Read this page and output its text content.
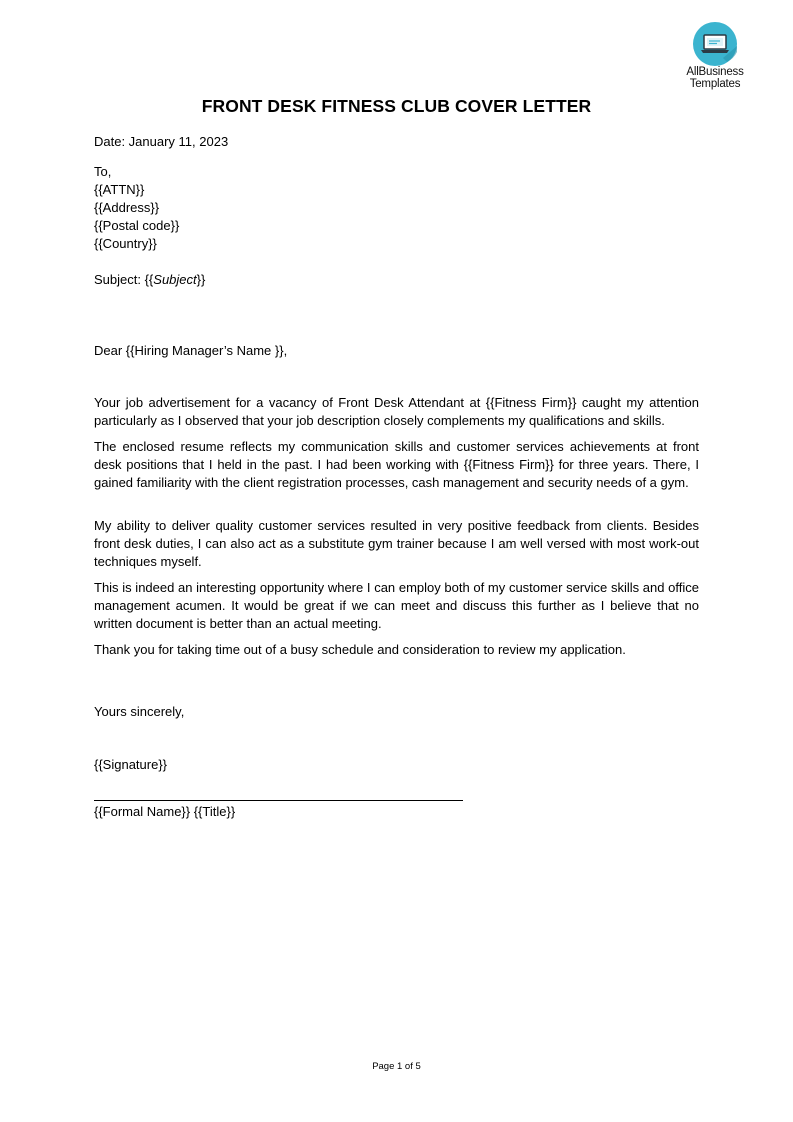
AllBusiness
Templates
FRONT DESK FITNESS CLUB COVER LETTER
Date: January 11, 2023
To,
{{ATTN}}
{{Address}}
{{Postal code}}
{{Country}}
Subject: {{Subject}}
Dear {{Hiring Manager’s Name }},

Your job advertisement for a vacancy of Front Desk Attendant at {{Fitness Firm}} caught my attention particularly as I observed that your job description closely complements my qualifications and skills.

The enclosed resume reflects my communication skills and customer services achievements at front desk positions that I held in the past. I had been working with {{Fitness Firm}} for three years. There, I gained familiarity with the client registration processes, cash management and security needs of a gym.

My ability to deliver quality customer services resulted in very positive feedback from clients. Besides front desk duties, I can also act as a substitute gym trainer because I am well versed with most work-out techniques myself.

This is indeed an interesting opportunity where I can employ both of my customer service skills and office management acumen. It would be great if we can meet and discuss this further as I believe that no written document is better than an actual meeting.

Thank you for taking time out of a busy schedule and consideration to review my application.

Yours sincerely,
{{Signature}}
{{Formal Name}} {{Title}}
Page 1 of 5
